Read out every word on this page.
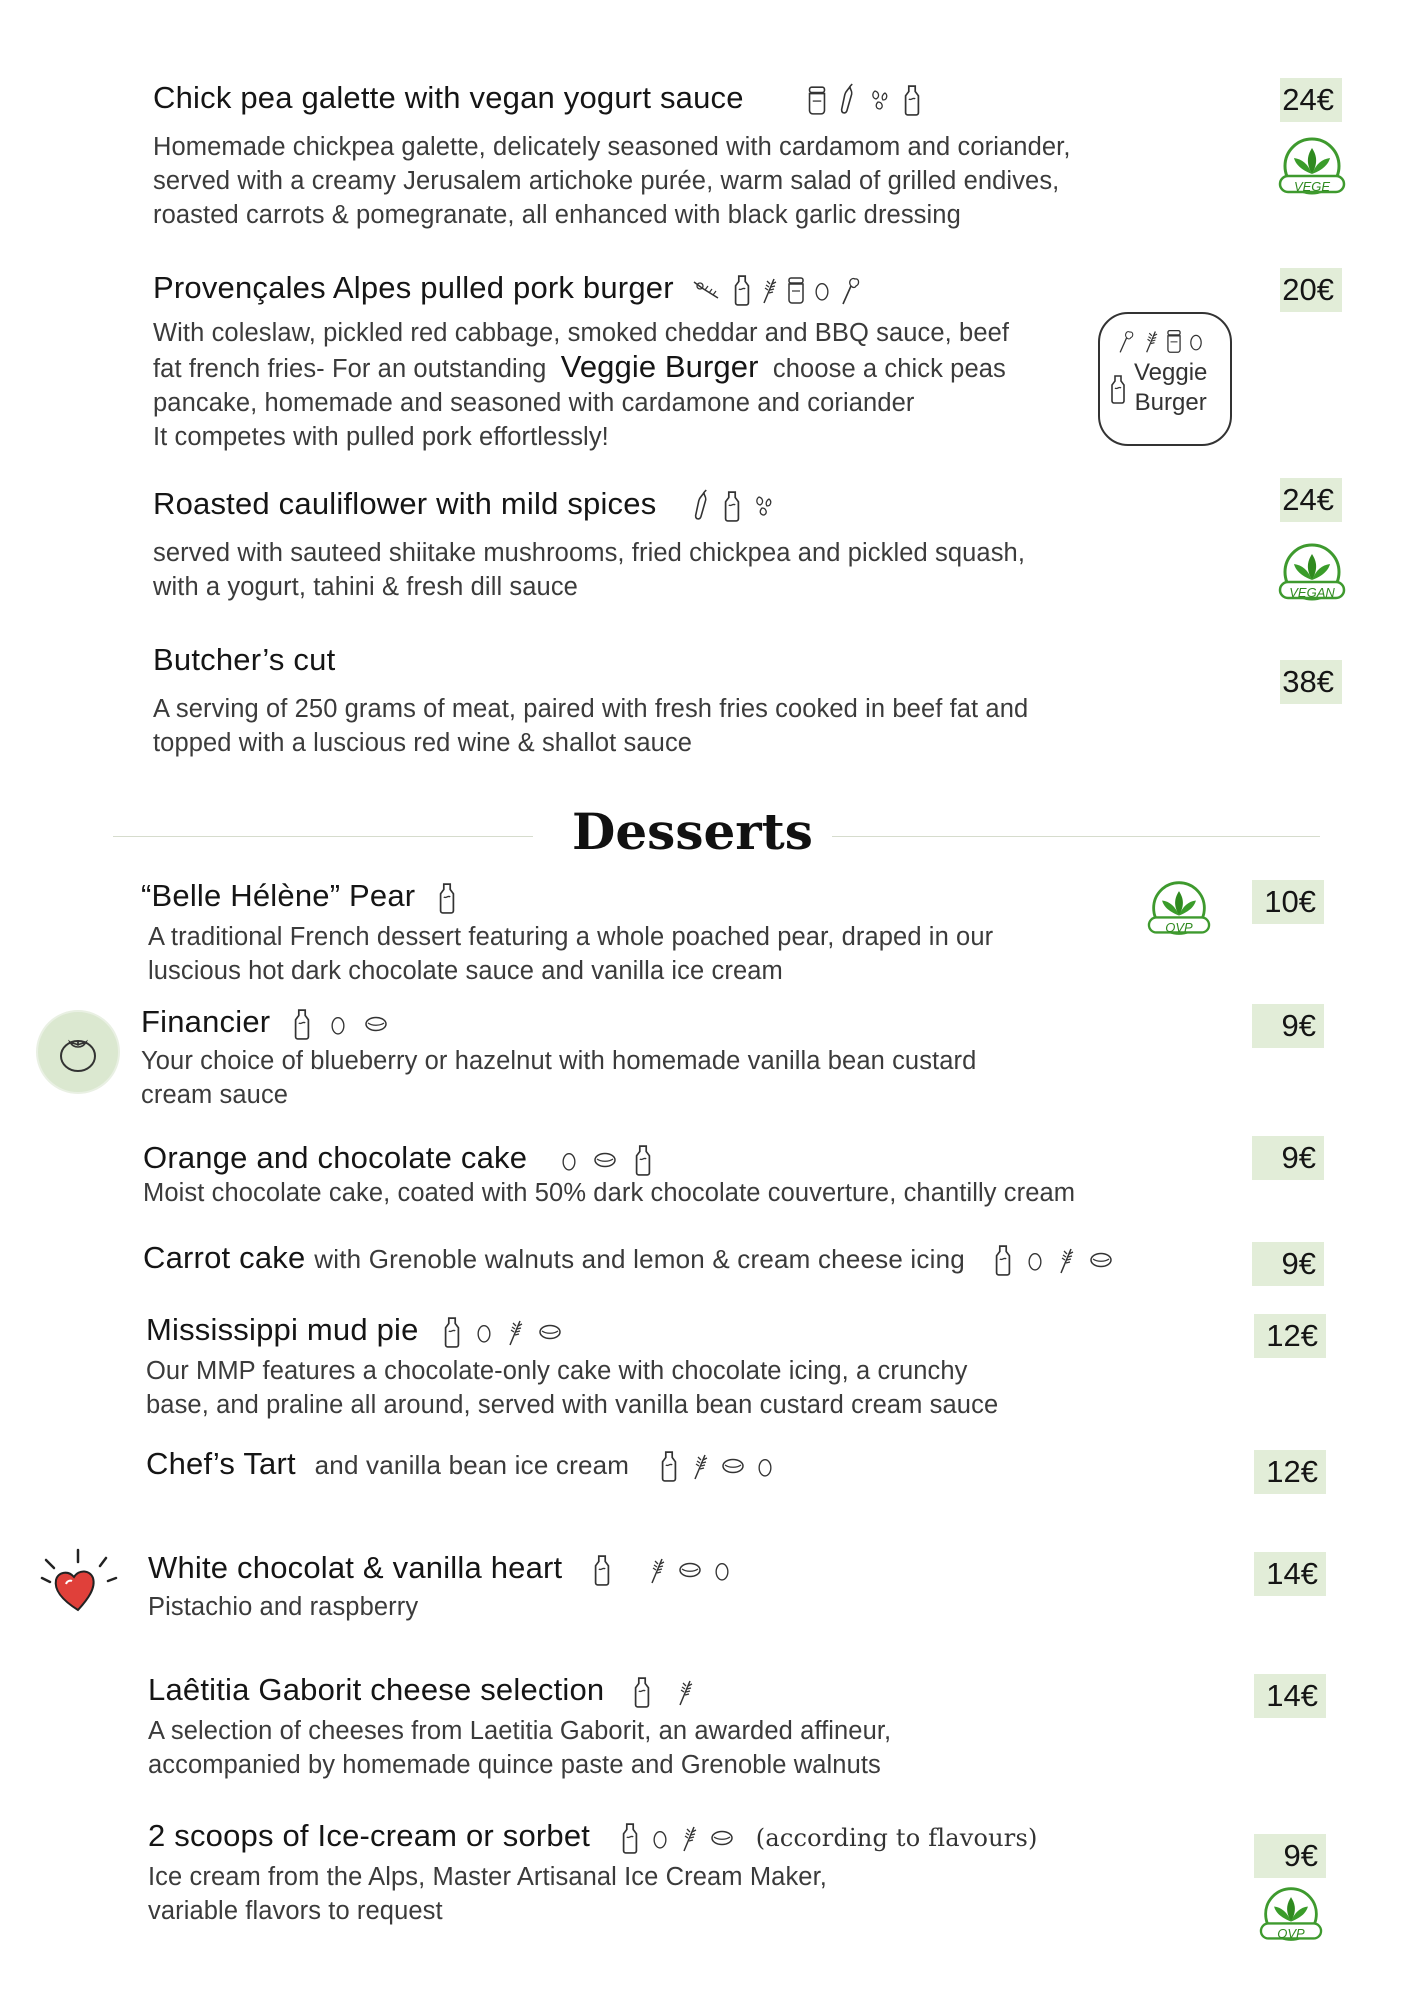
Chick pea galette with vegan yogurt sauce	24€
Homemade chickpea galette, delicately seasoned with cardamom and coriander,
served with a creamy Jerusalem artichoke purée, warm salad of grilled endives,
roasted carrots & pomegranate, all enhanced with black garlic dressing
VEGE
Provençales Alpes pulled pork burger	20€
With coleslaw, pickled red cabbage, smoked cheddar and BBQ sauce, beef
fat french fries- For an outstanding Veggie Burger choose a chick peas
pancake, homemade and seasoned with cardamone and coriander
It competes with pulled pork effortlessly!
Veggie
Burger
Roasted cauliflower with mild spices	24€
served with sauteed shiitake mushrooms, fried chickpea and pickled squash,
with a yogurt, tahini & fresh dill sauce	VEGAN
Butcher’s cut
38€
A serving of 250 grams of meat, paired with fresh fries cooked in beef fat and
topped with a luscious red wine & shallot sauce
Desserts
“Belle Hélène” Pear	10€
OVP
A traditional French dessert featuring a whole poached pear, draped in our
luscious hot dark chocolate sauce and vanilla ice cream
Financier	9€
Your choice of blueberry or hazelnut with homemade vanilla bean custard
cream sauce
Orange and chocolate cake	9€
Moist chocolate cake, coated with 50% dark chocolate couverture, chantilly cream
Carrot cake with Grenoble walnuts and lemon & cream cheese icing	9€
Mississippi mud pie	12€
Our MMP features a chocolate-only cake with chocolate icing, a crunchy
base, and praline all around, served with vanilla bean custard cream sauce
Chef’s Tart and vanilla bean ice cream	12€
White chocolat & vanilla heart	14€
Pistachio and raspberry
Laêtitia Gaborit cheese selection	14€
A selection of cheeses from Laetitia Gaborit, an awarded affineur,
accompanied by homemade quince paste and Grenoble walnuts
2 scoops of Ice-cream or sorbet	(according to flavours)
9€
Ice cream from the Alps, Master Artisanal Ice Cream Maker,
variable flavors to request
OVP
